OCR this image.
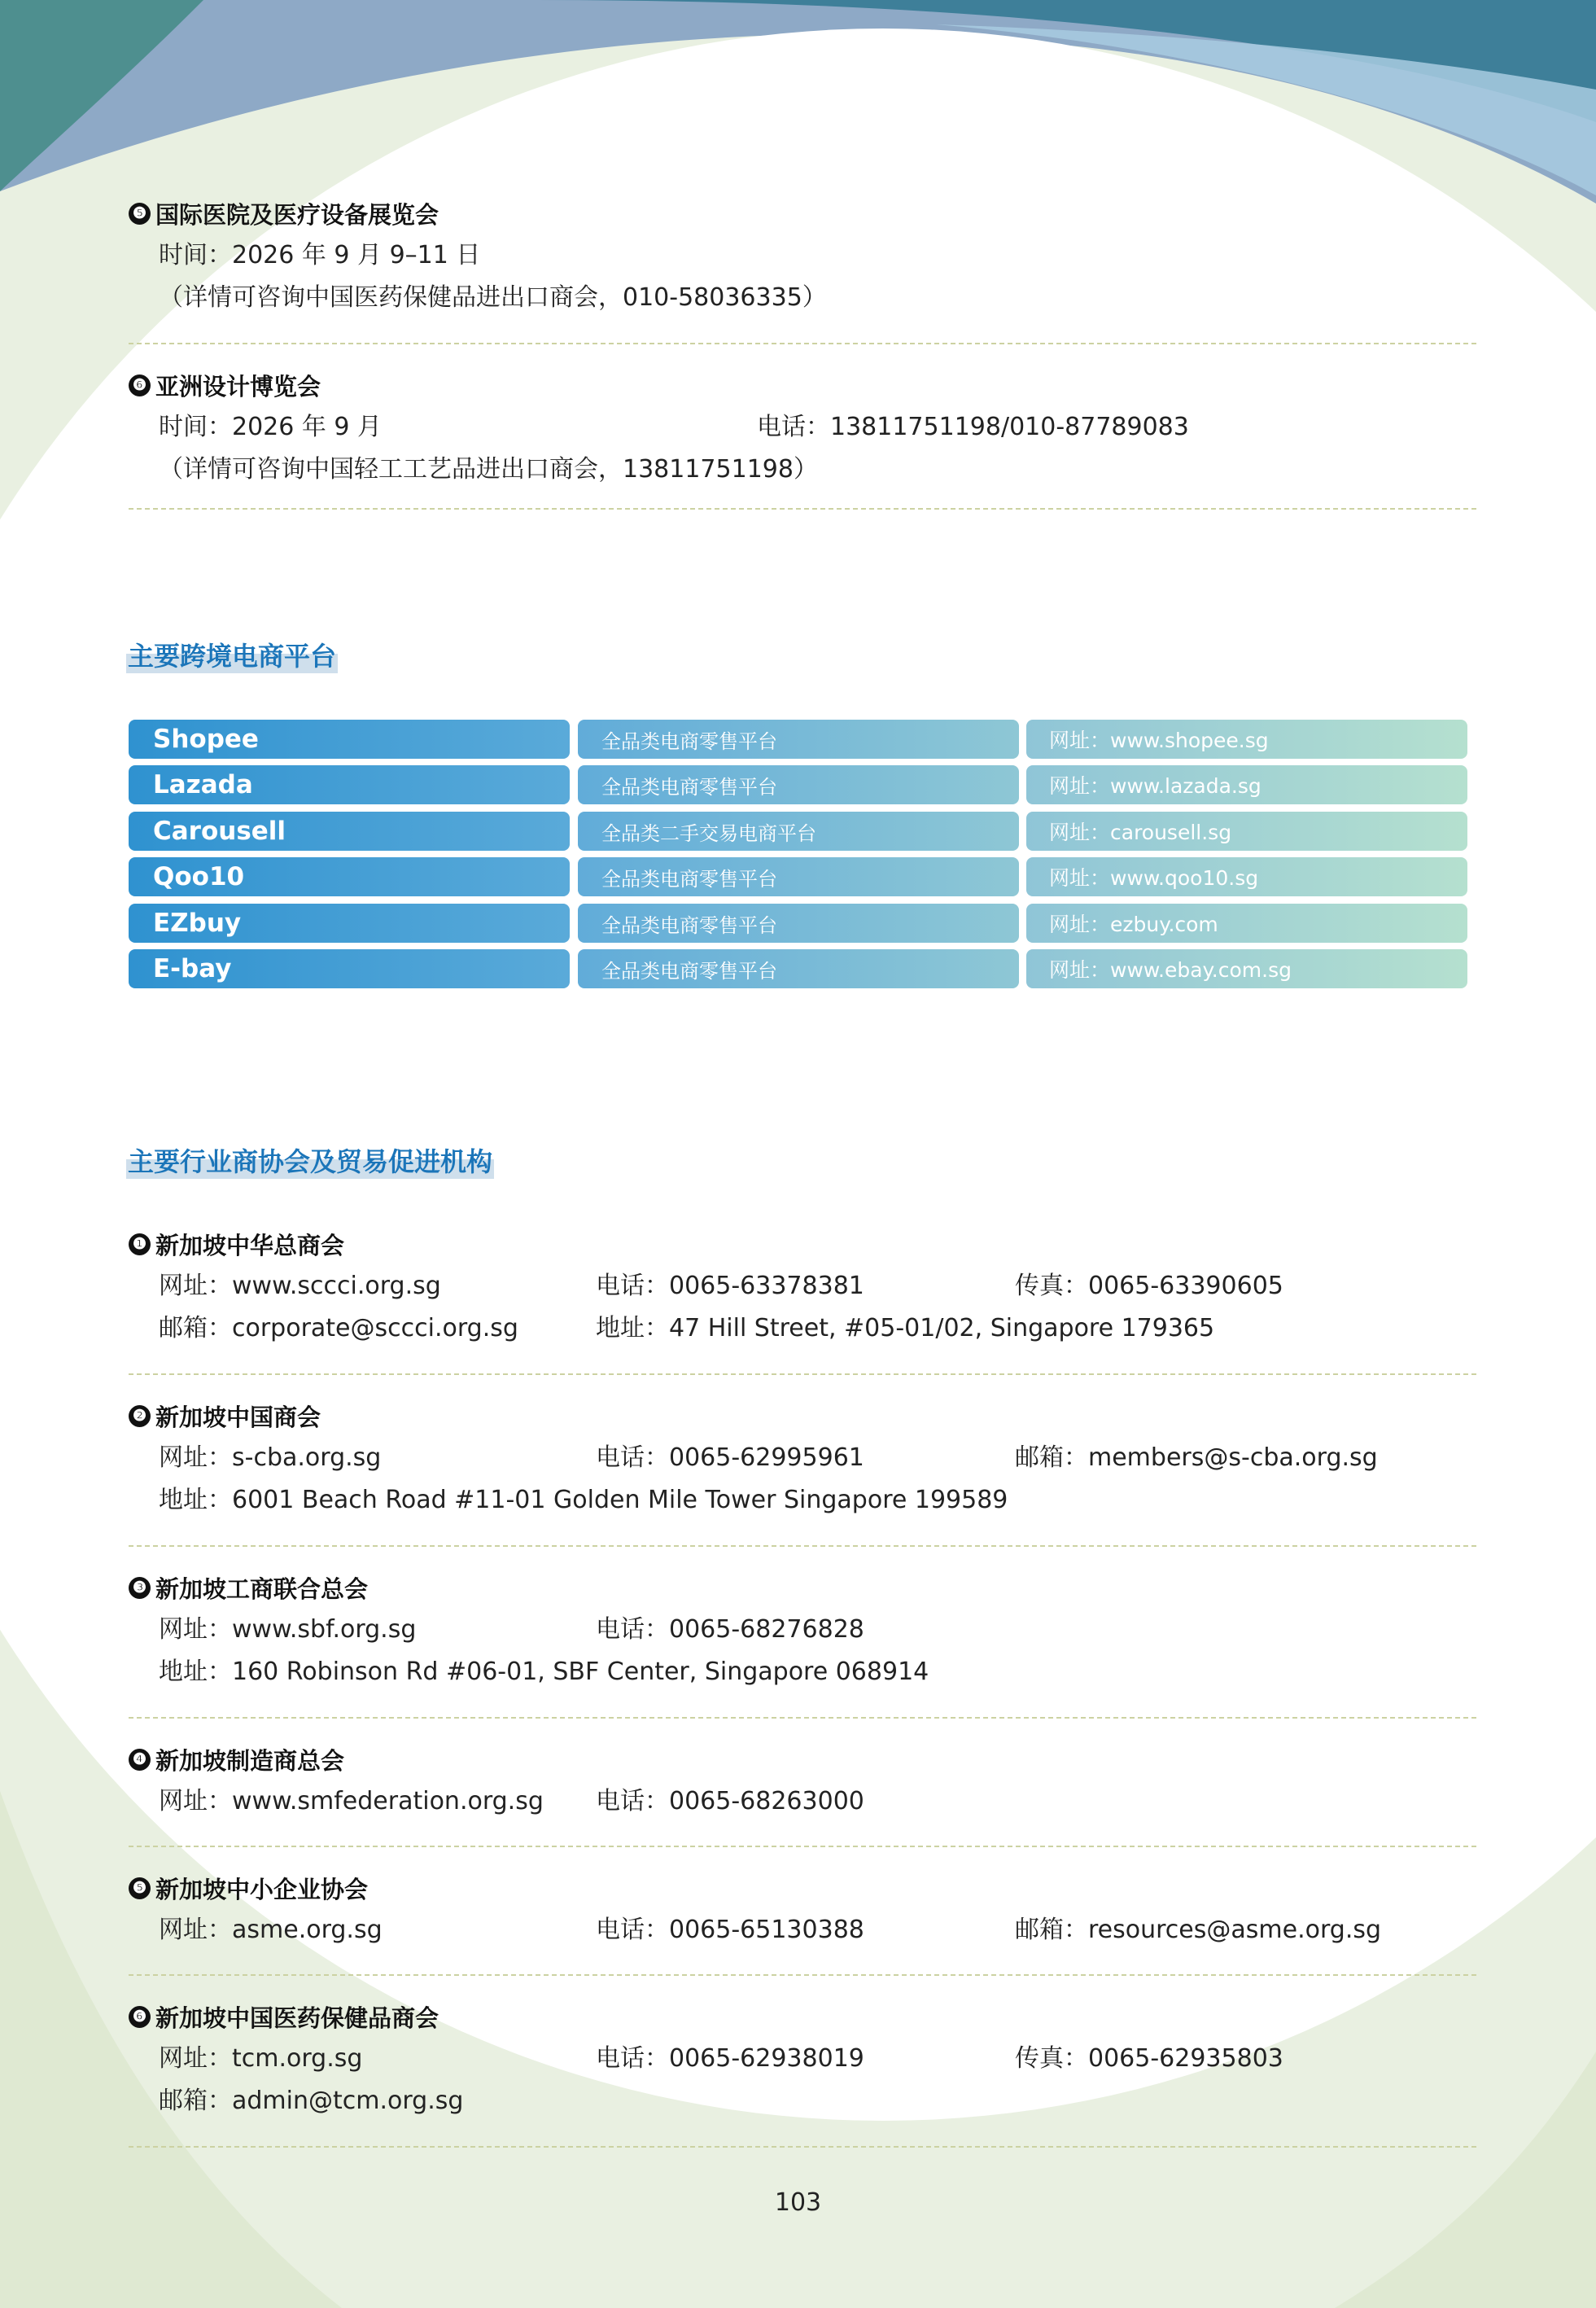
❺ 国际医院及医疗设备展览会
时间：2026 年 9 月 9–11 日
（详情可咨询中国医药保健品进出口商会，010-58036335）
❻ 亚洲设计博览会
时间：2026 年 9 月	电话：13811751198/010-87789083
（详情可咨询中国轻工工艺品进出口商会，13811751198）
主要跨境电商平台
Shopee	全品类电商零售平台	网址：www.shopee.sg
Lazada	全品类电商零售平台	网址：www.lazada.sg
Carousell	全品类二手交易电商平台	网址：carousell.sg
Qoo10	全品类电商零售平台	网址：www.qoo10.sg
EZbuy	全品类电商零售平台	网址：ezbuy.com
E-bay	全品类电商零售平台	网址：www.ebay.com.sg
主要行业商协会及贸易促进机构
❶ 新加坡中华总商会
网址：www.sccci.org.sg	电话：0065-63378381	传真：0065-63390605
邮箱：corporate@sccci.org.sg	地址：47 Hill Street, #05-01/02, Singapore 179365
❷ 新加坡中国商会
网址：s-cba.org.sg	电话：0065-62995961	邮箱：members@s-cba.org.sg
地址：6001 Beach Road #11-01 Golden Mile Tower Singapore 199589
❸ 新加坡工商联合总会
网址：www.sbf.org.sg	电话：0065-68276828
地址：160 Robinson Rd #06-01, SBF Center, Singapore 068914
❹ 新加坡制造商总会
网址：www.smfederation.org.sg 电话：0065-68263000
❺ 新加坡中小企业协会
网址：asme.org.sg	电话：0065-65130388	邮箱：resources@asme.org.sg
❻ 新加坡中国医药保健品商会
网址：tcm.org.sg	电话：0065-62938019	传真：0065-62935803
邮箱：admin@tcm.org.sg
103
